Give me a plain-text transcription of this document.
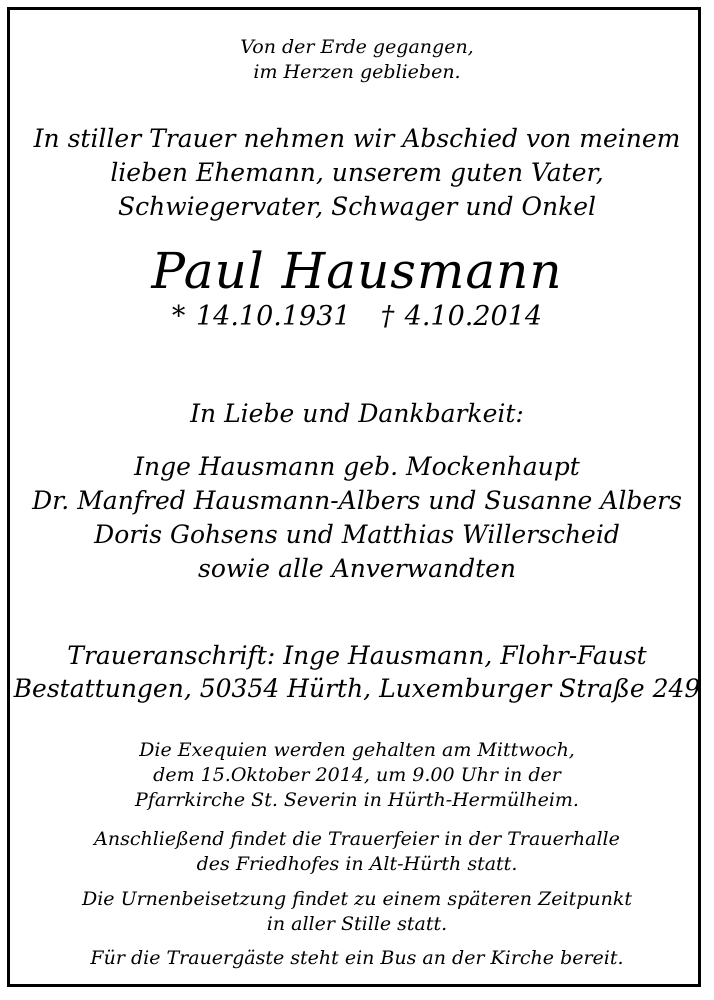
Von der Erde gegangen,
im Herzen geblieben.
In stiller Trauer nehmen wir Abschied von meinem
lieben Ehemann, unserem guten Vater,
Schwiegervater, Schwager und Onkel
Paul Hausmann
* 14.10.1931 † 4.10.2014
In Liebe und Dankbarkeit:
Inge Hausmann geb. Mockenhaupt
Dr. Manfred Hausmann-Albers und Susanne Albers
Doris Gohsens und Matthias Willerscheid
sowie alle Anverwandten
Traueranschrift: Inge Hausmann, Flohr-Faust
Bestattungen, 50354 Hürth, Luxemburger Straße 249
Die Exequien werden gehalten am Mittwoch,
dem 15.Oktober 2014, um 9.00 Uhr in der
Pfarrkirche St. Severin in Hürth-Hermülheim.
Anschließend findet die Trauerfeier in der Trauerhalle
des Friedhofes in Alt-Hürth statt.
Die Urnenbeisetzung findet zu einem späteren Zeitpunkt
in aller Stille statt.
Für die Trauergäste steht ein Bus an der Kirche bereit.
